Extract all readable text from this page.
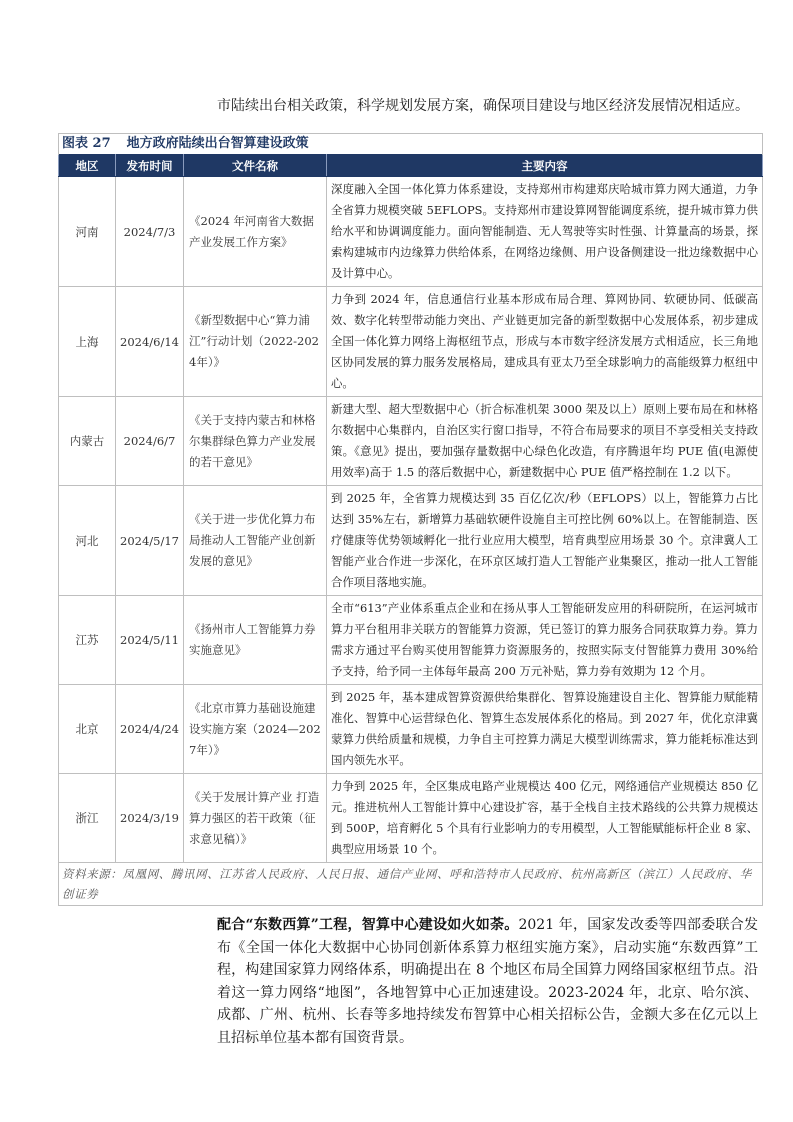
市陆续出台相关政策，科学规划发展方案，确保项目建设与地区经济发展情况相适应。
图表 27 地方政府陆续出台智算建设政策			
地区	发布时间	文件名称	主要内容
河南	2024/7/3	《2024 年河南省大数据产业发展工作方案》	深度融入全国一体化算力体系建设，支持郑州市构建郑庆哈城市算力网大通道，力争全省算力规模突破 5EFLOPS。支持郑州市建设算网智能调度系统，提升城市算力供给水平和协调调度能力。面向智能制造、无人驾驶等实时性强、计算量高的场景，探索构建城市内边缘算力供给体系，在网络边缘侧、用户设备侧建设一批边缘数据中心及计算中心。
上海	2024/6/14	《新型数据中心“算力浦江”行动计划（2022-2024年）》	力争到 2024 年，信息通信行业基本形成布局合理、算网协同、软硬协同、低碳高效、数字化转型带动能力突出、产业链更加完备的新型数据中心发展体系，初步建成全国一体化算力网络上海枢纽节点，形成与本市数字经济发展方式相适应，长三角地区协同发展的算力服务发展格局，建成具有亚太乃至全球影响力的高能级算力枢纽中心。
内蒙古	2024/6/7	《关于支持内蒙古和林格尔集群绿色算力产业发展的若干意见》	新建大型、超大型数据中心（折合标准机架 3000 架及以上）原则上要布局在和林格尔数据中心集群内，自治区实行窗口指导，不符合布局要求的项目不享受相关支持政策。《意见》提出，要加强存量数据中心绿色化改造，有序腾退年均 PUE 值(电源使用效率)高于 1.5 的落后数据中心，新建数据中心 PUE 值严格控制在 1.2 以下。
河北	2024/5/17	《关于进一步优化算力布局推动人工智能产业创新发展的意见》	到 2025 年，全省算力规模达到 35 百亿亿次/秒（EFLOPS）以上，智能算力占比达到 35%左右，新增算力基础软硬件设施自主可控比例 60%以上。在智能制造、医疗健康等优势领域孵化一批行业应用大模型，培育典型应用场景 30 个。京津冀人工智能产业合作进一步深化，在环京区域打造人工智能产业集聚区，推动一批人工智能合作项目落地实施。
江苏	2024/5/11	《扬州市人工智能算力券实施意见》	全市“613”产业体系重点企业和在扬从事人工智能研发应用的科研院所，在运河城市算力平台租用非关联方的智能算力资源，凭已签订的算力服务合同获取算力券。算力需求方通过平台购买使用智能算力资源服务的，按照实际支付智能算力费用 30%给予支持，给予同一主体每年最高 200 万元补贴，算力券有效期为 12 个月。
北京	2024/4/24	《北京市算力基础设施建设实施方案（2024—2027年）》	到 2025 年，基本建成智算资源供给集群化、智算设施建设自主化、智算能力赋能精准化、智算中心运营绿色化、智算生态发展体系化的格局。到 2027 年，优化京津冀蒙算力供给质量和规模，力争自主可控算力满足大模型训练需求，算力能耗标准达到国内领先水平。
浙江	2024/3/19	《关于发展计算产业 打造算力强区的若干政策（征求意见稿）》	力争到 2025 年，全区集成电路产业规模达 400 亿元，网络通信产业规模达 850 亿元。推进杭州人工智能计算中心建设扩容，基于全栈自主技术路线的公共算力规模达到 500P，培育孵化 5 个具有行业影响力的专用模型，人工智能赋能标杆企业 8 家、典型应用场景 10 个。
资料来源：凤凰网、腾讯网、江苏省人民政府、人民日报、通信产业网、呼和浩特市人民政府、杭州高新区（滨江）人民政府、华创证券			
配合“东数西算”工程，智算中心建设如火如荼。2021 年，国家发改委等四部委联合发布《全国一体化大数据中心协同创新体系算力枢纽实施方案》，启动实施“东数西算”工程，构建国家算力网络体系，明确提出在 8 个地区布局全国算力网络国家枢纽节点。沿着这一算力网络“地图”，各地智算中心正加速建设。2023-2024 年，北京、哈尔滨、成都、广州、杭州、长春等多地持续发布智算中心相关招标公告，金额大多在亿元以上且招标单位基本都有国资背景。
